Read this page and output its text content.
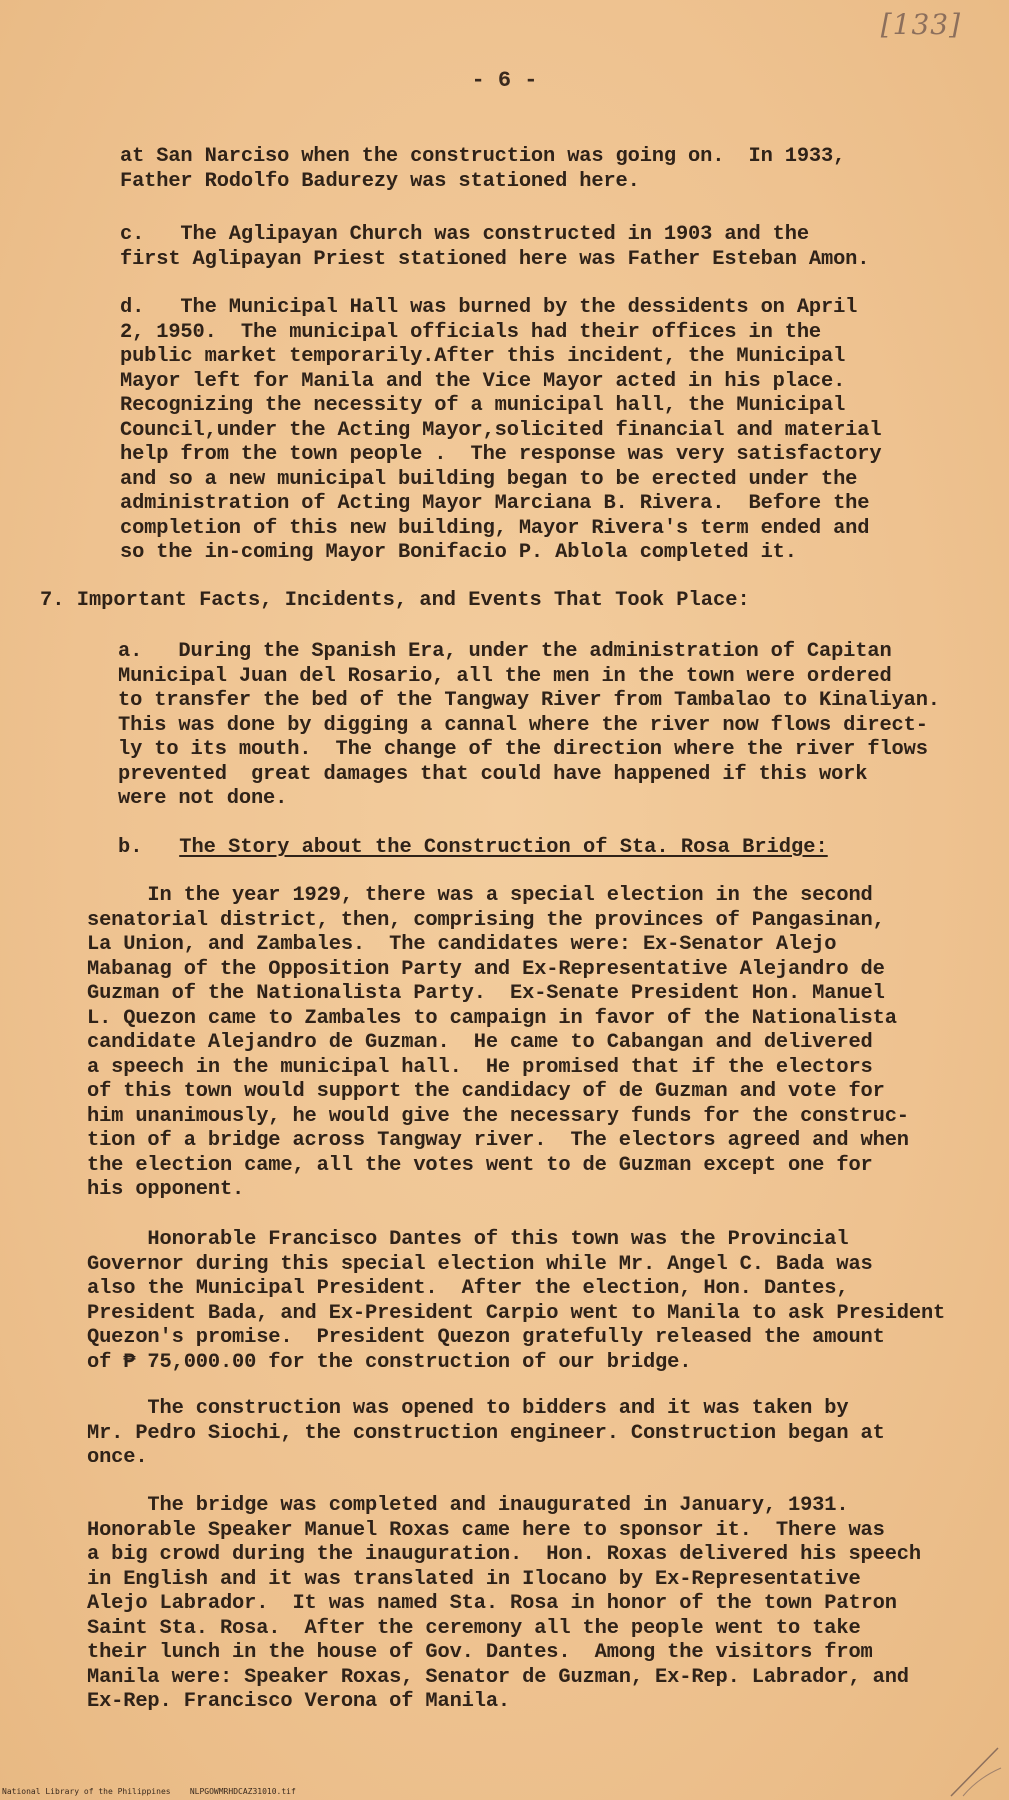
[133]
- 6 -
at San Narciso when the construction was going on.  In 1933,
Father Rodolfo Badurezy was stationed here.
c.   The Aglipayan Church was constructed in 1903 and the
first Aglipayan Priest stationed here was Father Esteban Amon.
d.   The Municipal Hall was burned by the dessidents on April
2, 1950.  The municipal officials had their offices in the
public market temporarily.After this incident, the Municipal
Mayor left for Manila and the Vice Mayor acted in his place.
Recognizing the necessity of a municipal hall, the Municipal
Council,under the Acting Mayor,solicited financial and material
help from the town people .  The response was very satisfactory
and so a new municipal building began to be erected under the
administration of Acting Mayor Marciana B. Rivera.  Before the
completion of this new building, Mayor Rivera's term ended and
so the in-coming Mayor Bonifacio P. Ablola completed it.
7. Important Facts, Incidents, and Events That Took Place:
a.   During the Spanish Era, under the administration of Capitan
Municipal Juan del Rosario, all the men in the town were ordered
to transfer the bed of the Tangway River from Tambalao to Kinaliyan.
This was done by digging a cannal where the river now flows direct-
ly to its mouth.  The change of the direction where the river flows
prevented  great damages that could have happened if this work
were not done.
b. The Story about the Construction of Sta. Rosa Bridge:
In the year 1929, there was a special election in the second
senatorial district, then, comprising the provinces of Pangasinan,
La Union, and Zambales.  The candidates were: Ex-Senator Alejo
Mabanag of the Opposition Party and Ex-Representative Alejandro de
Guzman of the Nationalista Party.  Ex-Senate President Hon. Manuel
L. Quezon came to Zambales to campaign in favor of the Nationalista
candidate Alejandro de Guzman.  He came to Cabangan and delivered
a speech in the municipal hall.  He promised that if the electors
of this town would support the candidacy of de Guzman and vote for
him unanimously, he would give the necessary funds for the construc-
tion of a bridge across Tangway river.  The electors agreed and when
the election came, all the votes went to de Guzman except one for
his opponent.
Honorable Francisco Dantes of this town was the Provincial
Governor during this special election while Mr. Angel C. Bada was
also the Municipal President.  After the election, Hon. Dantes,
President Bada, and Ex-President Carpio went to Manila to ask President
Quezon's promise.  President Quezon gratefully released the amount
of ₱ 75,000.00 for the construction of our bridge.
The construction was opened to bidders and it was taken by
Mr. Pedro Siochi, the construction engineer. Construction began at
once.
The bridge was completed and inaugurated in January, 1931.
Honorable Speaker Manuel Roxas came here to sponsor it.  There was
a big crowd during the inauguration.  Hon. Roxas delivered his speech
in English and it was translated in Ilocano by Ex-Representative
Alejo Labrador.  It was named Sta. Rosa in honor of the town Patron
Saint Sta. Rosa.  After the ceremony all the people went to take
their lunch in the house of Gov. Dantes.  Among the visitors from
Manila were: Speaker Roxas, Senator de Guzman, Ex-Rep. Labrador, and
Ex-Rep. Francisco Verona of Manila.
National Library of the Philippines    NLPGOWMRHDCAZ31010.tif
